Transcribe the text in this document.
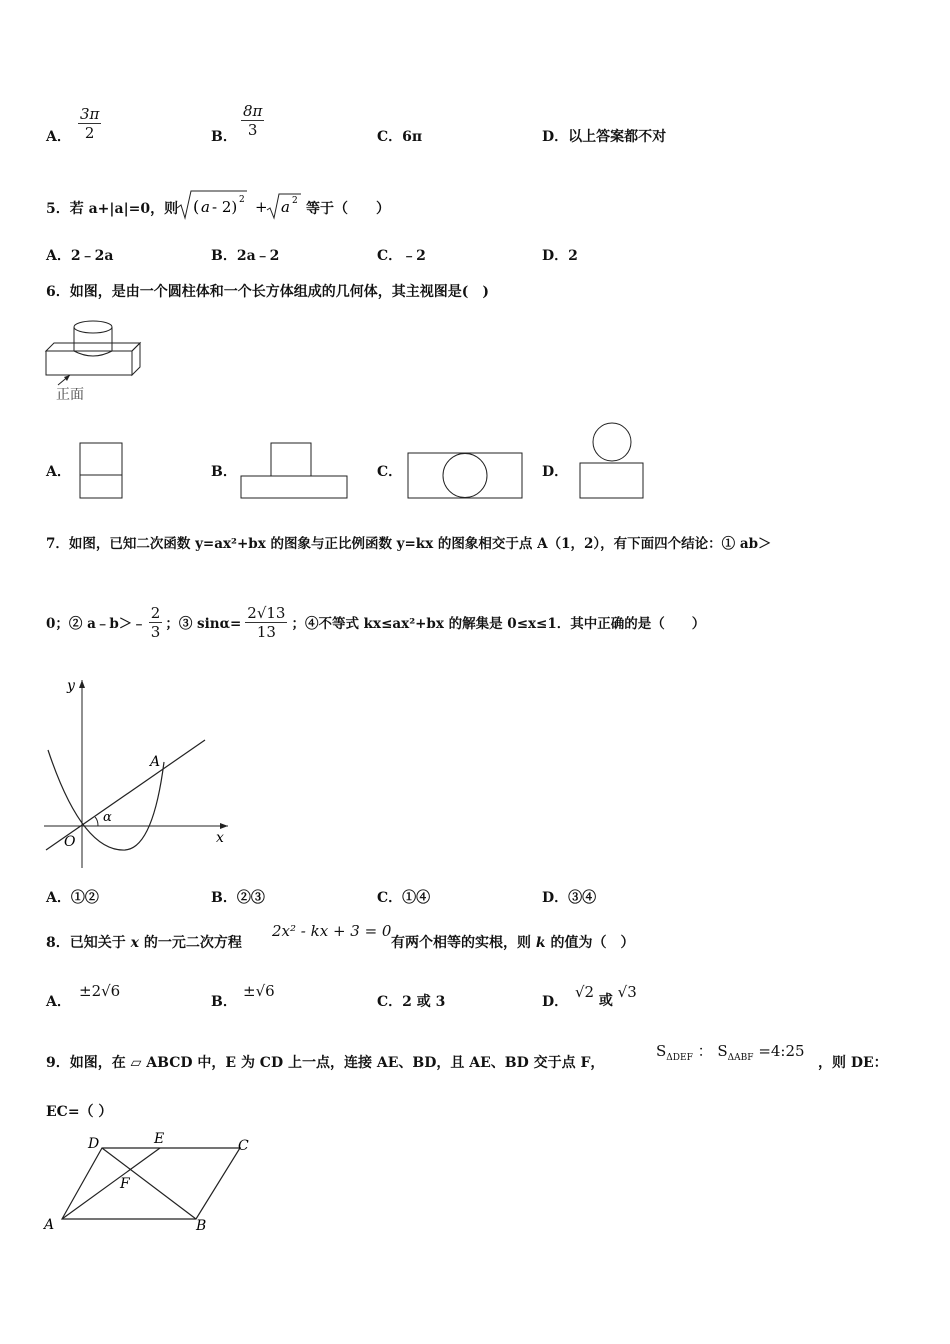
A． $\frac{3\pi}{2}$	B． $\frac{8\pi}{3}$	C．6π	D．以上答案都不对
5．若 a+|a|=0，则 ( a - 2) 2 + a 2 等于（　　）
A．2﹣2a	B．2a﹣2	C．﹣2	D．2
6．如图，是由一个圆柱体和一个长方体组成的几何体，其主视图是(　)
正面
A．	B．	C．	D．
7．如图，已知二次函数 y=ax²+bx 的图象与正比例函数 y=kx 的图象相交于点 A（1，2），有下面四个结论：① ab＞
0；② a﹣b＞﹣ $\frac{2}{3}$ ；③ $\sin\alpha= \frac{2√13}{13}$ ；④不等式 kx≤ax²+bx 的解集是 0≤x≤1．其中正确的是（　　）
y
x
O
A
α
A．①②	B．②③	C．①④	D．③④
8．已知关于 x 的一元二次方程
2x² - kx + 3 = 0
有两个相等的实根，则 k 的值为（　）
A．
±2√6
B．
±√6
C．2 或 3	D．
√2 或 √3
9．如图，在 ▱ ABCD 中，E 为 CD 上一点，连接 AE、BD，且 AE、BD 交于点 F，
$S_{\Delta DEF}$ ： $S_{\Delta ABF}$ =4:25
，则 DE：
EC=（ ）
D	E	C
F
A	B
